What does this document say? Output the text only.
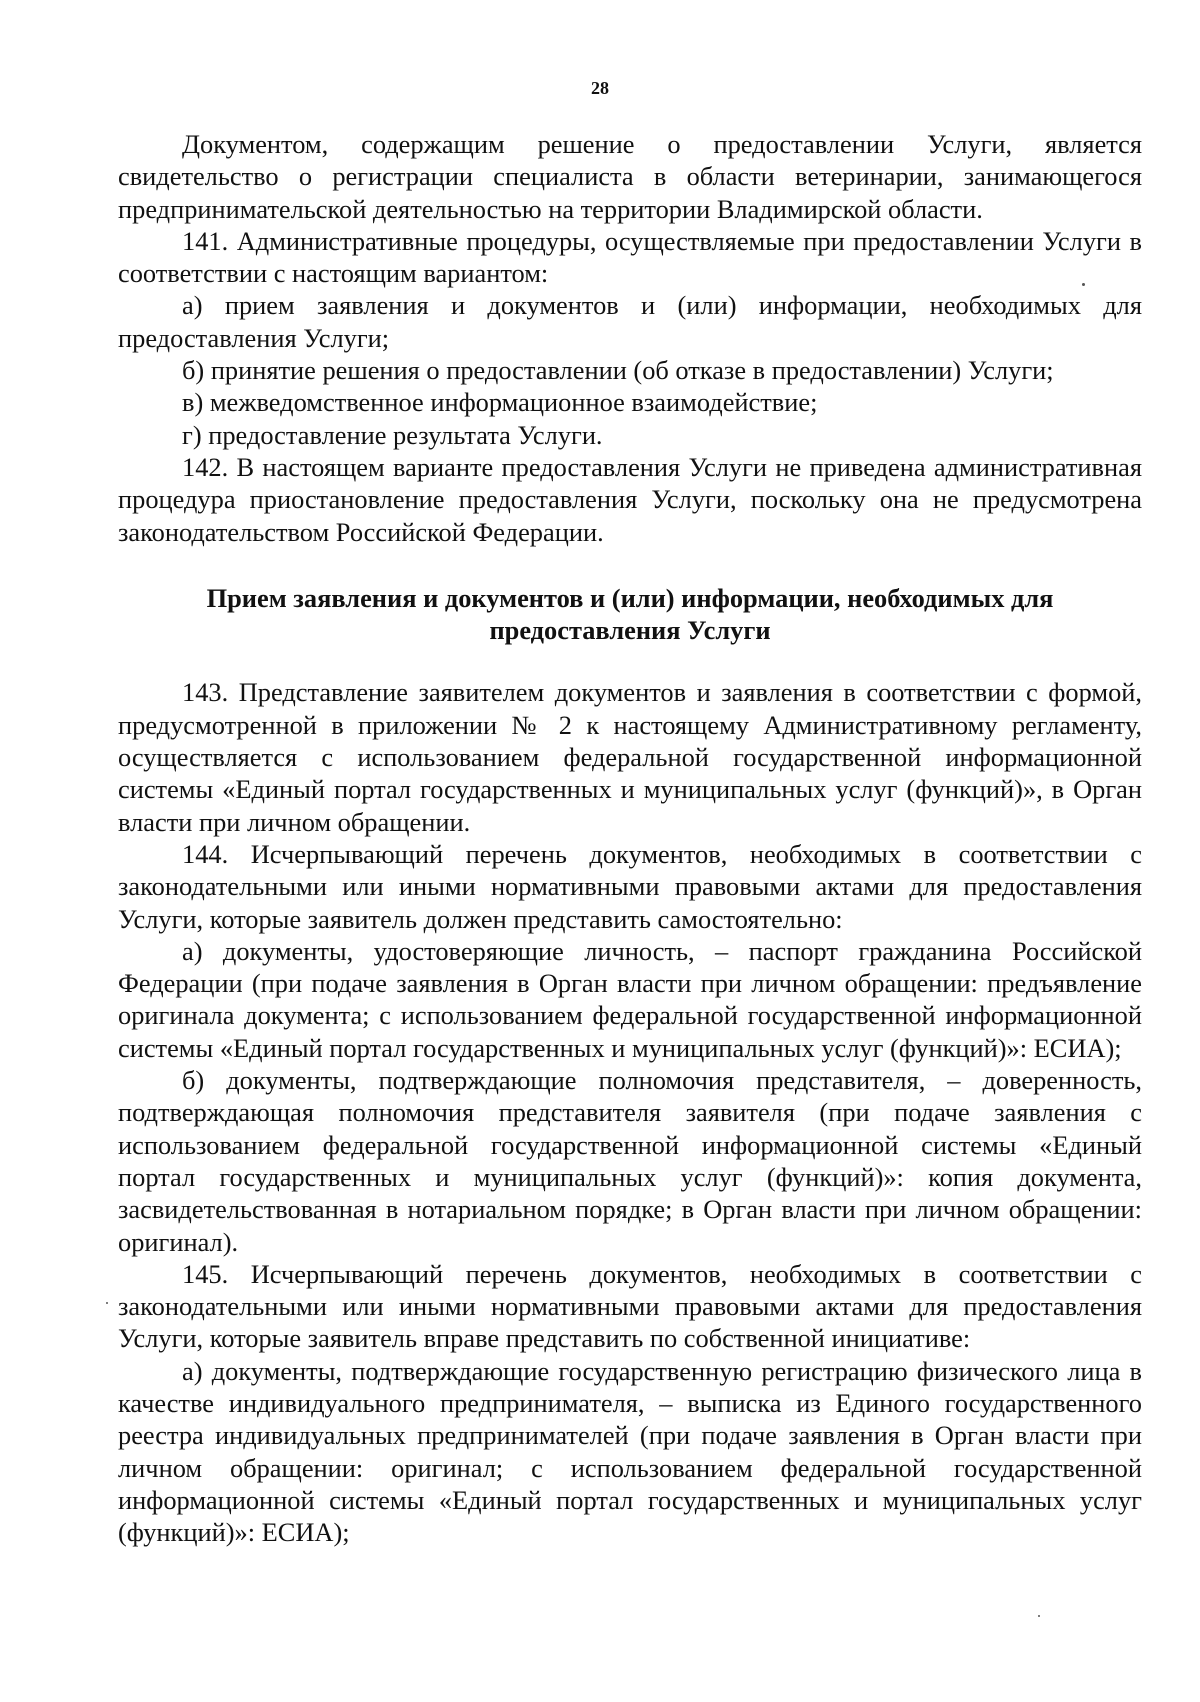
28

Документом, содержащим решение о предоставлении Услуги, является свидетельство о регистрации специалиста в области ветеринарии, занимающегося предпринимательской деятельностью на территории Владимирской области.

141. Административные процедуры, осуществляемые при предоставлении Услуги в соответствии с настоящим вариантом:

а) прием заявления и документов и (или) информации, необходимых для предоставления Услуги;

б) принятие решения о предоставлении (об отказе в предоставлении) Услуги;

в) межведомственное информационное взаимодействие;

г) предоставление результата Услуги.

142. В настоящем варианте предоставления Услуги не приведена административная процедура приостановление предоставления Услуги, поскольку она не предусмотрена законодательством Российской Федерации.

Прием заявления и документов и (или) информации, необходимых для предоставления Услуги

143. Представление заявителем документов и заявления в соответствии с формой, предусмотренной в приложении № 2 к настоящему Административному регламенту, осуществляется с использованием федеральной государственной информационной системы «Единый портал государственных и муниципальных услуг (функций)», в Орган власти при личном обращении.

144. Исчерпывающий перечень документов, необходимых в соответствии с законодательными или иными нормативными правовыми актами для предоставления Услуги, которые заявитель должен представить самостоятельно:

а) документы, удостоверяющие личность, – паспорт гражданина Российской Федерации (при подаче заявления в Орган власти при личном обращении: предъявление оригинала документа; с использованием федеральной государственной информационной системы «Единый портал государственных и муниципальных услуг (функций)»: ЕСИА);

б) документы, подтверждающие полномочия представителя, – доверенность, подтверждающая полномочия представителя заявителя (при подаче заявления с использованием федеральной государственной информационной системы «Единый портал государственных и муниципальных услуг (функций)»: копия документа, засвидетельствованная в нотариальном порядке; в Орган власти при личном обращении: оригинал).

145. Исчерпывающий перечень документов, необходимых в соответствии с законодательными или иными нормативными правовыми актами для предоставления Услуги, которые заявитель вправе представить по собственной инициативе:

а) документы, подтверждающие государственную регистрацию физического лица в качестве индивидуального предпринимателя, – выписка из Единого государственного реестра индивидуальных предпринимателей (при подаче заявления в Орган власти при личном обращении: оригинал; с использованием федеральной государственной информационной системы «Единый портал государственных и муниципальных услуг (функций)»: ЕСИА);
